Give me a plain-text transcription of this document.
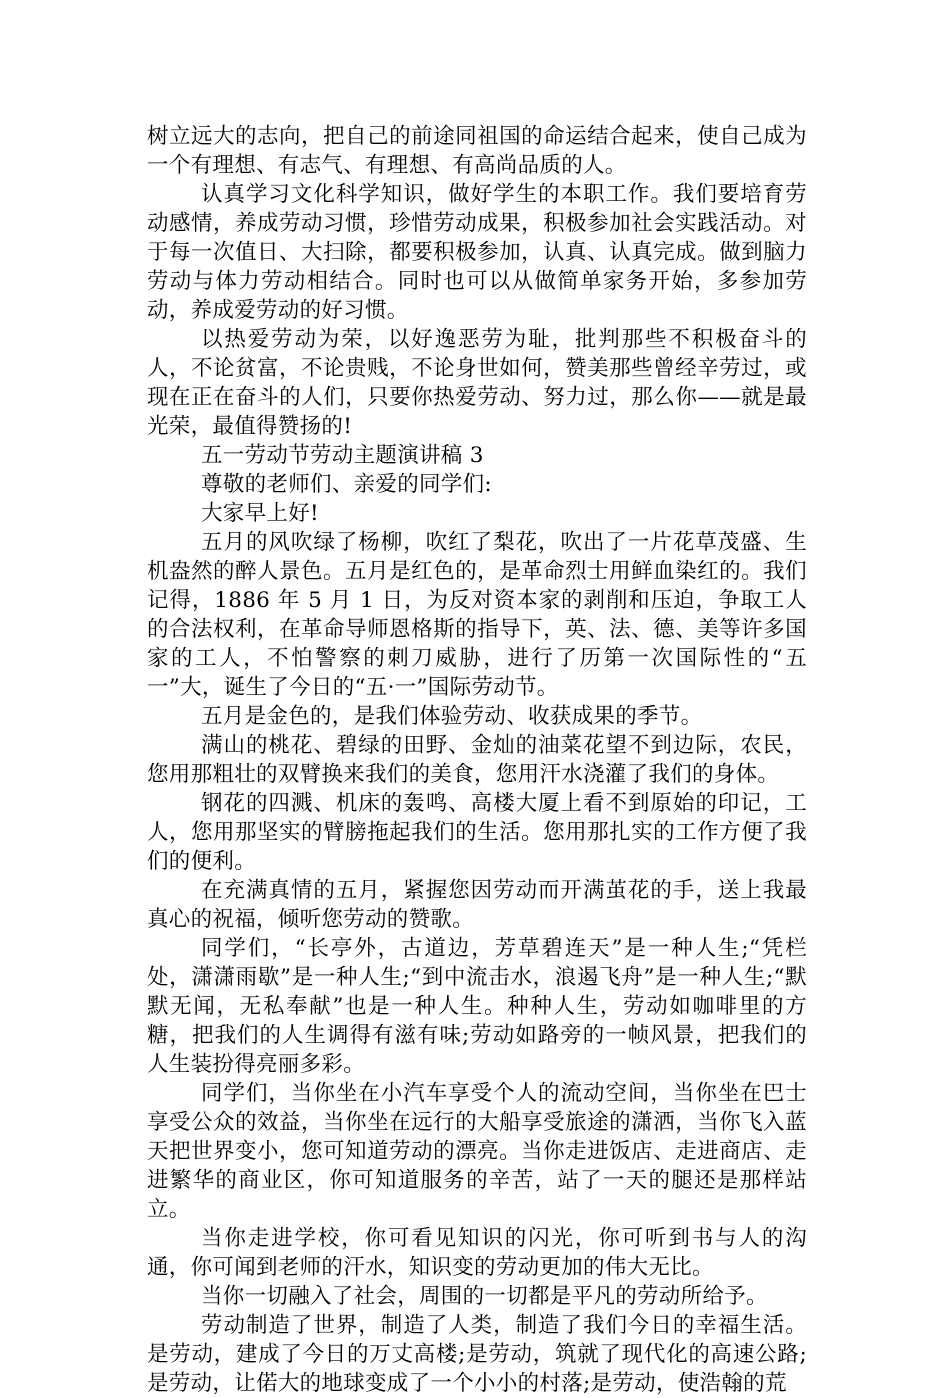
树立远大的志向，把自己的前途同祖国的命运结合起来，使自己成为一个有理想、有志气、有理想、有高尚品质的人。

认真学习文化科学知识，做好学生的本职工作。我们要培育劳动感情，养成劳动习惯，珍惜劳动成果，积极参加社会实践活动。对于每一次值日、大扫除，都要积极参加，认真、认真完成。做到脑力劳动与体力劳动相结合。同时也可以从做简单家务开始，多参加劳动，养成爱劳动的好习惯。

以热爱劳动为荣，以好逸恶劳为耻，批判那些不积极奋斗的人，不论贫富，不论贵贱，不论身世如何，赞美那些曾经辛劳过，或现在正在奋斗的人们，只要你热爱劳动、努力过，那么你——就是最光荣，最值得赞扬的!

五一劳动节劳动主题演讲稿 3

尊敬的老师们、亲爱的同学们:

大家早上好!

五月的风吹绿了杨柳，吹红了梨花，吹出了一片花草茂盛、生机盎然的醉人景色。五月是红色的，是革命烈士用鲜血染红的。我们记得，1886 年 5 月 1 日，为反对资本家的剥削和压迫，争取工人的合法权利，在革命导师恩格斯的指导下，英、法、德、美等许多国家的工人，不怕警察的刺刀威胁，进行了历第一次国际性的“五一”大，诞生了今日的“五·一”国际劳动节。

五月是金色的，是我们体验劳动、收获成果的季节。

满山的桃花、碧绿的田野、金灿的油菜花望不到边际，农民，您用那粗壮的双臂换来我们的美食，您用汗水浇灌了我们的身体。

钢花的四溅、机床的轰鸣、高楼大厦上看不到原始的印记，工人，您用那坚实的臂膀拖起我们的生活。您用那扎实的工作方便了我们的便利。

在充满真情的五月，紧握您因劳动而开满茧花的手，送上我最真心的祝福，倾听您劳动的赞歌。

同学们，“长亭外，古道边，芳草碧连天”是一种人生;“凭栏处，潇潇雨歇”是一种人生;“到中流击水，浪遏飞舟”是一种人生;“默默无闻，无私奉献”也是一种人生。种种人生，劳动如咖啡里的方糖，把我们的人生调得有滋有味;劳动如路旁的一帧风景，把我们的人生装扮得亮丽多彩。

同学们，当你坐在小汽车享受个人的流动空间，当你坐在巴士享受公众的效益，当你坐在远行的大船享受旅途的潇洒，当你飞入蓝天把世界变小，您可知道劳动的漂亮。当你走进饭店、走进商店、走进繁华的商业区，你可知道服务的辛苦，站了一天的腿还是那样站立。

当你走进学校，你可看见知识的闪光，你可听到书与人的沟通，你可闻到老师的汗水，知识变的劳动更加的伟大无比。

当你一切融入了社会，周围的一切都是平凡的劳动所给予。

劳动制造了世界，制造了人类，制造了我们今日的幸福生活。是劳动，建成了今日的万丈高楼;是劳动，筑就了现代化的高速公路;是劳动，让偌大的地球变成了一个小小的村落;是劳动，使浩翰的荒
